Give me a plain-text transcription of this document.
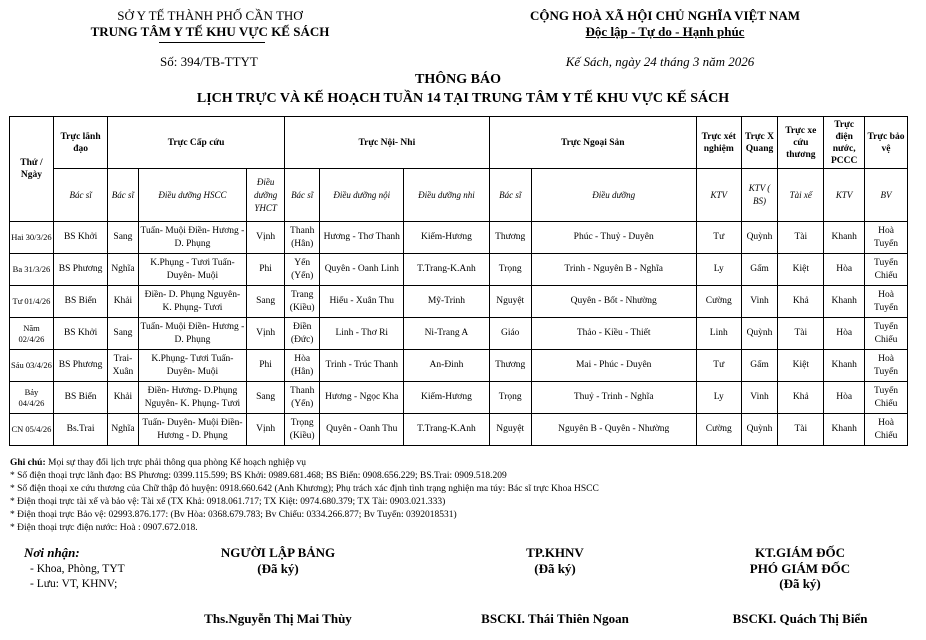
SỞ Y TẾ THÀNH PHỐ CẦN THƠ
TRUNG TÂM Y TẾ KHU VỰC KẾ SÁCH
Số: 394/TB-TTYT
CỘNG HOÀ XÃ HỘI CHỦ NGHĨA VIỆT NAM
Độc lập - Tự do - Hạnh phúc
Kế Sách, ngày 24 tháng 3 năm 2026
THÔNG BÁO
LỊCH TRỰC VÀ KẾ HOẠCH TUẦN 14 TẠI TRUNG TÂM Y TẾ KHU VỰC KẾ SÁCH
Thứ / Ngày	Trực lãnh đạo	Trực Cấp cứu			Trực Nội- Nhi			Trực Ngoại Sản		Trực xét nghiệm	Trực X Quang	Trực xe cứu thương	Trực điện nước, PCCC	Trực bảo vệ
	Bác sĩ	Bác sĩ	Điều dưỡng HSCC	Điều dưỡng YHCT	Bác sĩ	Điều dưỡng nội	Điều dưỡng nhi	Bác sĩ	Điều dưỡng	KTV	KTV ( BS)	Tài xế	KTV	BV
Hai 30/3/26	BS Khởi	Sang	Tuấn- Muội Điền- Hương - D. Phụng	Vịnh	Thanh (Hân)	Hương - Thơ Thanh	Kiếm-Hương	Thương	Phúc - Thuỷ - Duyên	Tư	Quỳnh	Tài	Khanh	Hoà Tuyến
Ba 31/3/26	BS Phương	Nghĩa	K.Phụng - Tươi Tuấn- Duyên- Muội	Phi	Yến (Yến)	Quyên - Oanh Linh	T.Trang-K.Anh	Trọng	Trinh - Nguyên B - Nghĩa	Ly	Gấm	Kiệt	Hòa	Tuyến Chiếu
Tư 01/4/26	BS Biển	Khải	Điền- D. Phụng Nguyên- K. Phụng- Tươi	Sang	Trang (Kiều)	Hiếu - Xuân Thu	Mỹ-Trinh	Nguyệt	Quyên - Bốt - Nhường	Cường	Vinh	Khả	Khanh	Hoà Tuyến
Năm 02/4/26	BS Khởi	Sang	Tuấn- Muội Điền- Hương - D. Phụng	Vịnh	Điền (Đức)	Linh - Thơ Ri	Ni-Trang A	Giáo	Thảo - Kiều - Thiết	Linh	Quỳnh	Tài	Hòa	Tuyến Chiếu
Sáu 03/4/26	BS Phương	Trai- Xuân	K.Phụng- Tươi Tuấn- Duyên- Muội	Phi	Hòa (Hân)	Trinh - Trúc Thanh	An-Đinh	Thương	Mai - Phúc - Duyên	Tư	Gấm	Kiệt	Khanh	Hoà Tuyến
Bảy 04/4/26	BS Biển	Khải	Điền- Hương- D.Phụng Nguyên- K. Phụng- Tươi	Sang	Thanh (Yến)	Hương - Ngọc Kha	Kiếm-Hương	Trọng	Thuỷ - Trinh - Nghĩa	Ly	Vinh	Khả	Hòa	Tuyến Chiếu
CN 05/4/26	Bs.Trai	Nghĩa	Tuấn- Duyên- Muội Điền- Hương - D. Phụng	Vịnh	Trọng (Kiều)	Quyên - Oanh Thu	T.Trang-K.Anh	Nguyệt	Nguyên B - Quyên - Nhường	Cường	Quỳnh	Tài	Khanh	Hoà Chiếu
Ghi chú: Mọi sự thay đổi lịch trực phải thông qua phòng Kế hoạch nghiệp vụ
* Số điện thoại trực lãnh đạo: BS Phương: 0399.115.599; BS Khởi: 0989.681.468; BS Biển: 0908.656.229; BS.Trai: 0909.518.209
* Số điện thoại xe cứu thương của Chữ thập đỏ huyện: 0918.660.642 (Anh Khương); Phụ trách xác định tình trạng nghiện ma túy: Bác sĩ trực Khoa HSCC
* Điện thoại trực tài xế và bảo vệ: Tài xế (TX Khả: 0918.061.717; TX Kiệt: 0974.680.379; TX Tài: 0903.021.333)
* Điện thoại trực Bảo vệ: 02993.876.177: (Bv Hòa: 0368.679.783; Bv Chiếu: 0334.266.877; Bv Tuyến: 0392018531)
* Điện thoại trực điện nước: Hoà : 0907.672.018.
Nơi nhận:
- Khoa, Phòng, TYT
- Lưu: VT, KHNV;
NGƯỜI LẬP BẢNG
(Đã ký)
Ths.Nguyễn Thị Mai Thùy
TP.KHNV
(Đã ký)
BSCKI. Thái Thiên Ngoan
KT.GIÁM ĐỐC
PHÓ GIÁM ĐỐC
(Đã ký)
BSCKI. Quách Thị Biển
